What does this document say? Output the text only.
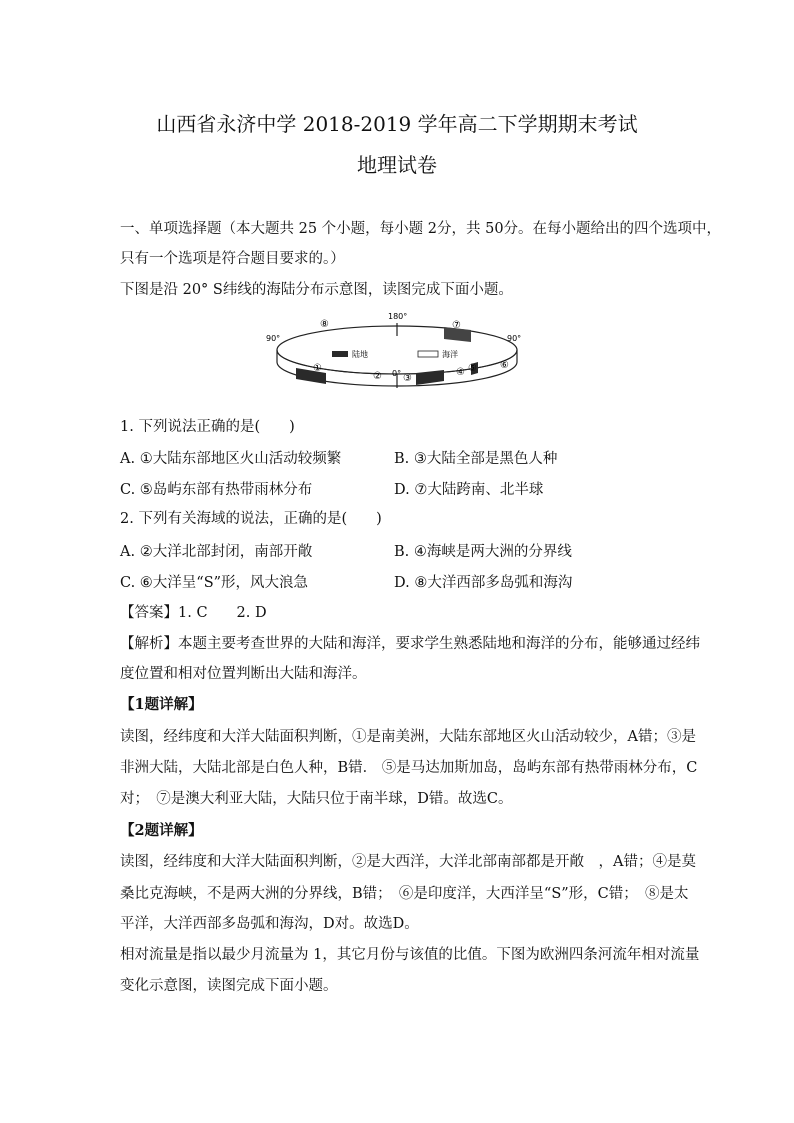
山西省永济中学 2018-2019 学年高二下学期期末考试
地理试卷
一、单项选择题（本大题共 25 个小题，每小题 2分，共 50分。在每小题给出的四个选项中，
只有一个选项是符合题目要求的。）
下图是沿 20° S纬线的海陆分布示意图，读图完成下面小题。
180°
90°	90°
0°
陆地	海洋
⑧	⑦
⑥
⑤
④
③
②
①
1. 下列说法正确的是(　　)
A. ①大陆东部地区火山活动较频繁	B. ③大陆全部是黑色人种
C. ⑤岛屿东部有热带雨林分布	D. ⑦大陆跨南、北半球
2. 下列有关海域的说法，正确的是(　　)
A. ②大洋北部封闭，南部开敞	B. ④海峡是两大洲的分界线
C. ⑥大洋呈“S”形，风大浪急	D. ⑧大洋西部多岛弧和海沟
【答案】1. C　　2. D
【解析】本题主要考查世界的大陆和海洋，要求学生熟悉陆地和海洋的分布，能够通过经纬
度位置和相对位置判断出大陆和海洋。
【1题详解】
读图，经纬度和大洋大陆面积判断，①是南美洲，大陆东部地区火山活动较少，A错；③是
非洲大陆，大陆北部是白色人种，B错． ⑤是马达加斯加岛，岛屿东部有热带雨林分布，C
对；　⑦是澳大利亚大陆，大陆只位于南半球，D错。故选C。
【2题详解】
读图，经纬度和大洋大陆面积判断，②是大西洋，大洋北部南部都是开敞　，A错；④是莫
桑比克海峡，不是两大洲的分界线，B错；　⑥是印度洋，大西洋呈“S”形，C错；　⑧是太
平洋，大洋西部多岛弧和海沟，D对。故选D。
相对流量是指以最少月流量为 1，其它月份与该值的比值。下图为欧洲四条河流年相对流量
变化示意图，读图完成下面小题。
